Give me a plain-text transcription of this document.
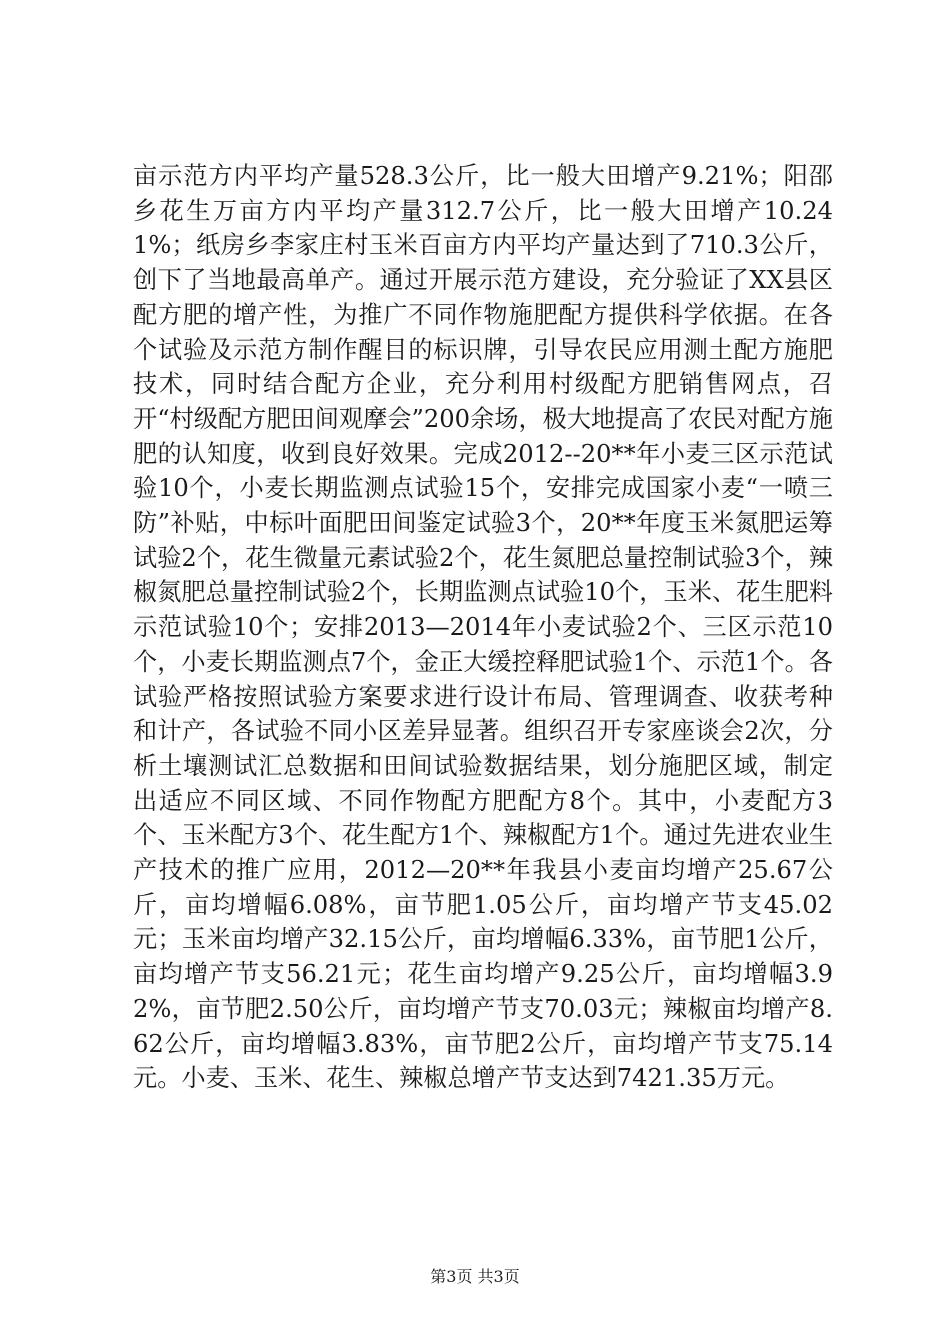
亩示范方内平均产量528.3公斤，比一般大田增产9.21%；阳邵乡花生万亩方内平均产量312.7公斤，比一般大田增产10.241%；纸房乡李家庄村玉米百亩方内平均产量达到了710.3公斤，创下了当地最高单产。通过开展示范方建设，充分验证了XX县区配方肥的增产性，为推广不同作物施肥配方提供科学依据。在各个试验及示范方制作醒目的标识牌，引导农民应用测土配方施肥技术，同时结合配方企业，充分利用村级配方肥销售网点，召开“村级配方肥田间观摩会”200余场，极大地提高了农民对配方施肥的认知度，收到良好效果。完成2012--20**年小麦三区示范试验10个，小麦长期监测点试验15个，安排完成国家小麦“一喷三防”补贴，中标叶面肥田间鉴定试验3个，20**年度玉米氮肥运筹试验2个，花生微量元素试验2个，花生氮肥总量控制试验3个，辣椒氮肥总量控制试验2个，长期监测点试验10个，玉米、花生肥料示范试验10个；安排2013—2014年小麦试验2个、三区示范10个，小麦长期监测点7个，金正大缓控释肥试验1个、示范1个。各试验严格按照试验方案要求进行设计布局、管理调查、收获考种和计产，各试验不同小区差异显著。组织召开专家座谈会2次，分析土壤测试汇总数据和田间试验数据结果，划分施肥区域，制定出适应不同区域、不同作物配方肥配方8个。其中，小麦配方3个、玉米配方3个、花生配方1个、辣椒配方1个。通过先进农业生产技术的推广应用，2012—20**年我县小麦亩均增产25.67公斤，亩均增幅6.08%，亩节肥1.05公斤，亩均增产节支45.02元；玉米亩均增产32.15公斤，亩均增幅6.33%，亩节肥1公斤，亩均增产节支56.21元；花生亩均增产9.25公斤，亩均增幅3.92%，亩节肥2.50公斤，亩均增产节支70.03元；辣椒亩均增产8.62公斤，亩均增幅3.83%，亩节肥2公斤，亩均增产节支75.14元。小麦、玉米、花生、辣椒总增产节支达到7421.35万元。

第3页 共3页
